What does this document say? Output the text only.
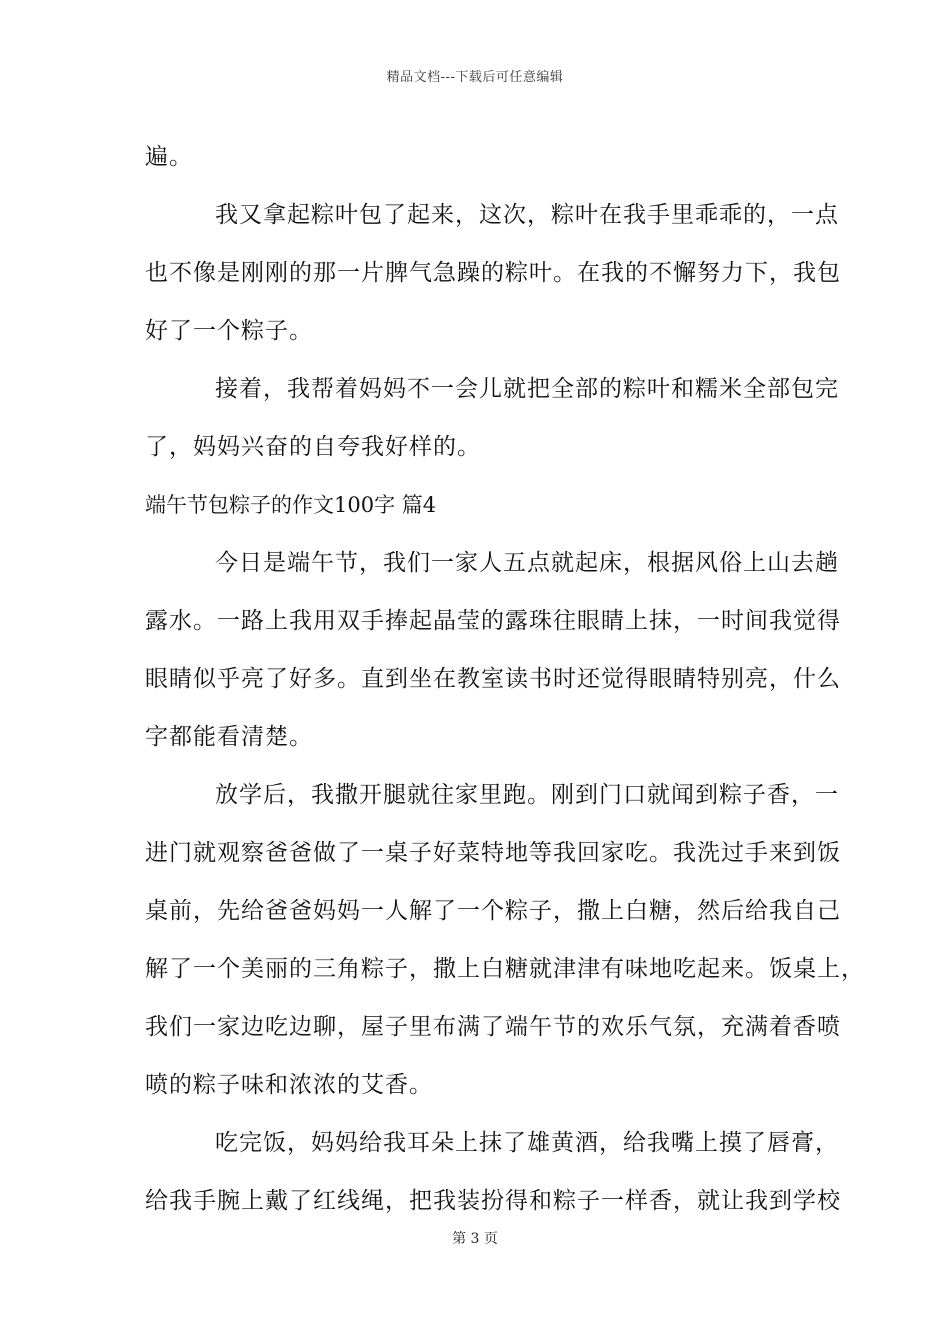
精品文档---下载后可任意编辑
遍。
我又拿起粽叶包了起来，这次，粽叶在我手里乖乖的，一点
也不像是刚刚的那一片脾气急躁的粽叶。在我的不懈努力下，我包
好了一个粽子。
接着，我帮着妈妈不一会儿就把全部的粽叶和糯米全部包完
了，妈妈兴奋的自夸我好样的。
端午节包粽子的作文100字 篇4
今日是端午节，我们一家人五点就起床，根据风俗上山去趟
露水。一路上我用双手捧起晶莹的露珠往眼睛上抹，一时间我觉得
眼睛似乎亮了好多。直到坐在教室读书时还觉得眼睛特别亮，什么
字都能看清楚。
放学后，我撒开腿就往家里跑。刚到门口就闻到粽子香，一
进门就观察爸爸做了一桌子好菜特地等我回家吃。我洗过手来到饭
桌前，先给爸爸妈妈一人解了一个粽子，撒上白糖，然后给我自己
解了一个美丽的三角粽子，撒上白糖就津津有味地吃起来。饭桌上，
我们一家边吃边聊，屋子里布满了端午节的欢乐气氛，充满着香喷
喷的粽子味和浓浓的艾香。
吃完饭，妈妈给我耳朵上抹了雄黄酒，给我嘴上摸了唇膏，
给我手腕上戴了红线绳，把我装扮得和粽子一样香，就让我到学校
第 3 页
